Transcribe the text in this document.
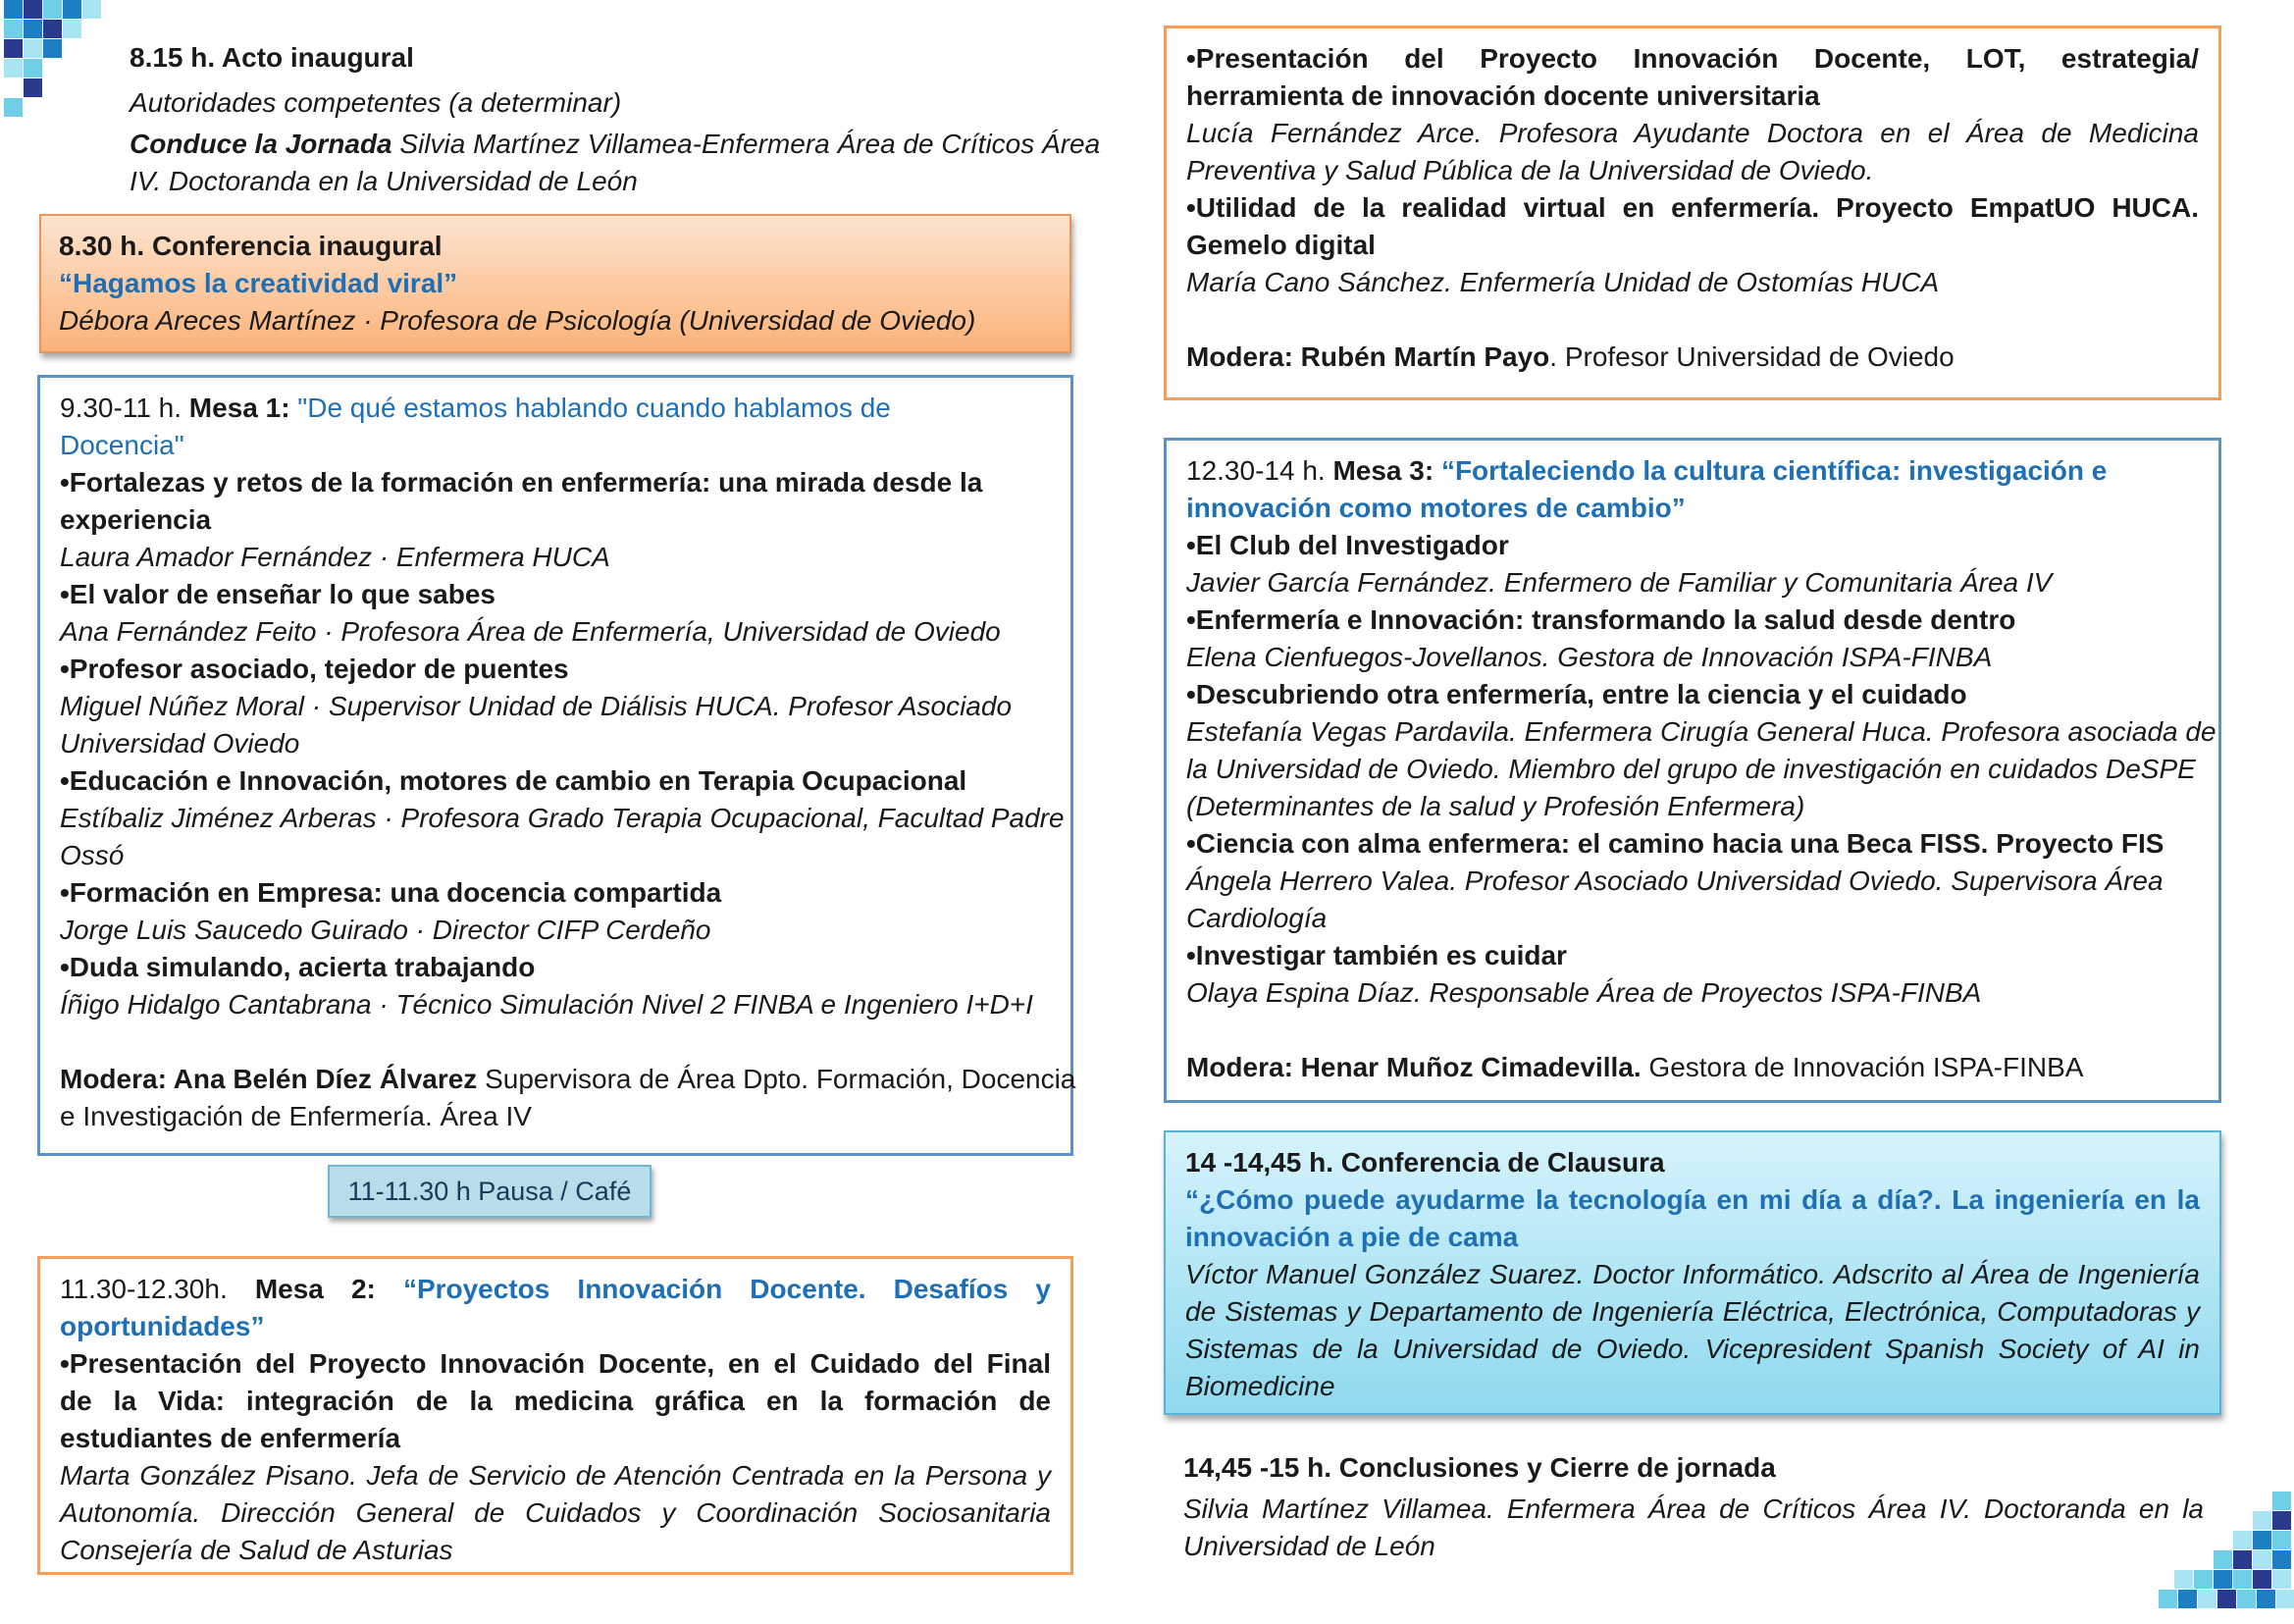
8.15 h. Acto inaugural
Autoridades competentes (a determinar)
Conduce la Jornada Silvia Martínez Villamea-Enfermera Área de Críticos Área
IV. Doctoranda en la Universidad de León
8.30 h. Conferencia inaugural
“Hagamos la creatividad viral”
Débora Areces Martínez · Profesora de Psicología (Universidad de Oviedo)
9.30-11 h. Mesa 1: "De qué estamos hablando cuando hablamos de
Docencia"
•Fortalezas y retos de la formación en enfermería: una mirada desde la
experiencia
Laura Amador Fernández · Enfermera HUCA
•El valor de enseñar lo que sabes
Ana Fernández Feito · Profesora Área de Enfermería, Universidad de Oviedo
•Profesor asociado, tejedor de puentes
Miguel Núñez Moral · Supervisor Unidad de Diálisis HUCA. Profesor Asociado
Universidad Oviedo
•Educación e Innovación, motores de cambio en Terapia Ocupacional
Estíbaliz Jiménez Arberas · Profesora Grado Terapia Ocupacional, Facultad Padre
Ossó
•Formación en Empresa: una docencia compartida
Jorge Luis Saucedo Guirado · Director CIFP Cerdeño
•Duda simulando, acierta trabajando
Íñigo Hidalgo Cantabrana · Técnico Simulación Nivel 2 FINBA e Ingeniero I+D+I
Modera: Ana Belén Díez Álvarez Supervisora de Área Dpto. Formación, Docencia
e Investigación de Enfermería. Área IV
11-11.30 h Pausa / Café
11.30-12.30h. Mesa 2: “Proyectos Innovación Docente. Desafíos y
oportunidades”
•Presentación del Proyecto Innovación Docente, en el Cuidado del Final
de la Vida: integración de la medicina gráfica en la formación de
estudiantes de enfermería
Marta González Pisano. Jefa de Servicio de Atención Centrada en la Persona y
Autonomía. Dirección General de Cuidados y Coordinación Sociosanitaria
Consejería de Salud de Asturias
•Presentación del Proyecto Innovación Docente, LOT, estrategia/
herramienta de innovación docente universitaria
Lucía Fernández Arce. Profesora Ayudante Doctora en el Área de Medicina
Preventiva y Salud Pública de la Universidad de Oviedo.
•Utilidad de la realidad virtual en enfermería. Proyecto EmpatUO HUCA.
Gemelo digital
María Cano Sánchez. Enfermería Unidad de Ostomías HUCA
Modera: Rubén Martín Payo. Profesor Universidad de Oviedo
12.30-14 h. Mesa 3: “Fortaleciendo la cultura científica: investigación e
innovación como motores de cambio”
•El Club del Investigador
Javier García Fernández. Enfermero de Familiar y Comunitaria Área IV
•Enfermería e Innovación: transformando la salud desde dentro
Elena Cienfuegos-Jovellanos. Gestora de Innovación ISPA-FINBA
•Descubriendo otra enfermería, entre la ciencia y el cuidado
Estefanía Vegas Pardavila. Enfermera Cirugía General Huca. Profesora asociada de
la Universidad de Oviedo. Miembro del grupo de investigación en cuidados DeSPE
(Determinantes de la salud y Profesión Enfermera)
•Ciencia con alma enfermera: el camino hacia una Beca FISS. Proyecto FIS
Ángela Herrero Valea. Profesor Asociado Universidad Oviedo. Supervisora Área
Cardiología
•Investigar también es cuidar
Olaya Espina Díaz. Responsable Área de Proyectos ISPA-FINBA
Modera: Henar Muñoz Cimadevilla. Gestora de Innovación ISPA-FINBA
14 -14,45 h. Conferencia de Clausura
“¿Cómo puede ayudarme la tecnología en mi día a día?. La ingeniería en la
innovación a pie de cama
Víctor Manuel González Suarez. Doctor Informático. Adscrito al Área de Ingeniería
de Sistemas y Departamento de Ingeniería Eléctrica, Electrónica, Computadoras y
Sistemas de la Universidad de Oviedo. Vicepresident Spanish Society of AI in
Biomedicine
14,45 -15 h. Conclusiones y Cierre de jornada
Silvia Martínez Villamea. Enfermera Área de Críticos Área IV. Doctoranda en la
Universidad de León
